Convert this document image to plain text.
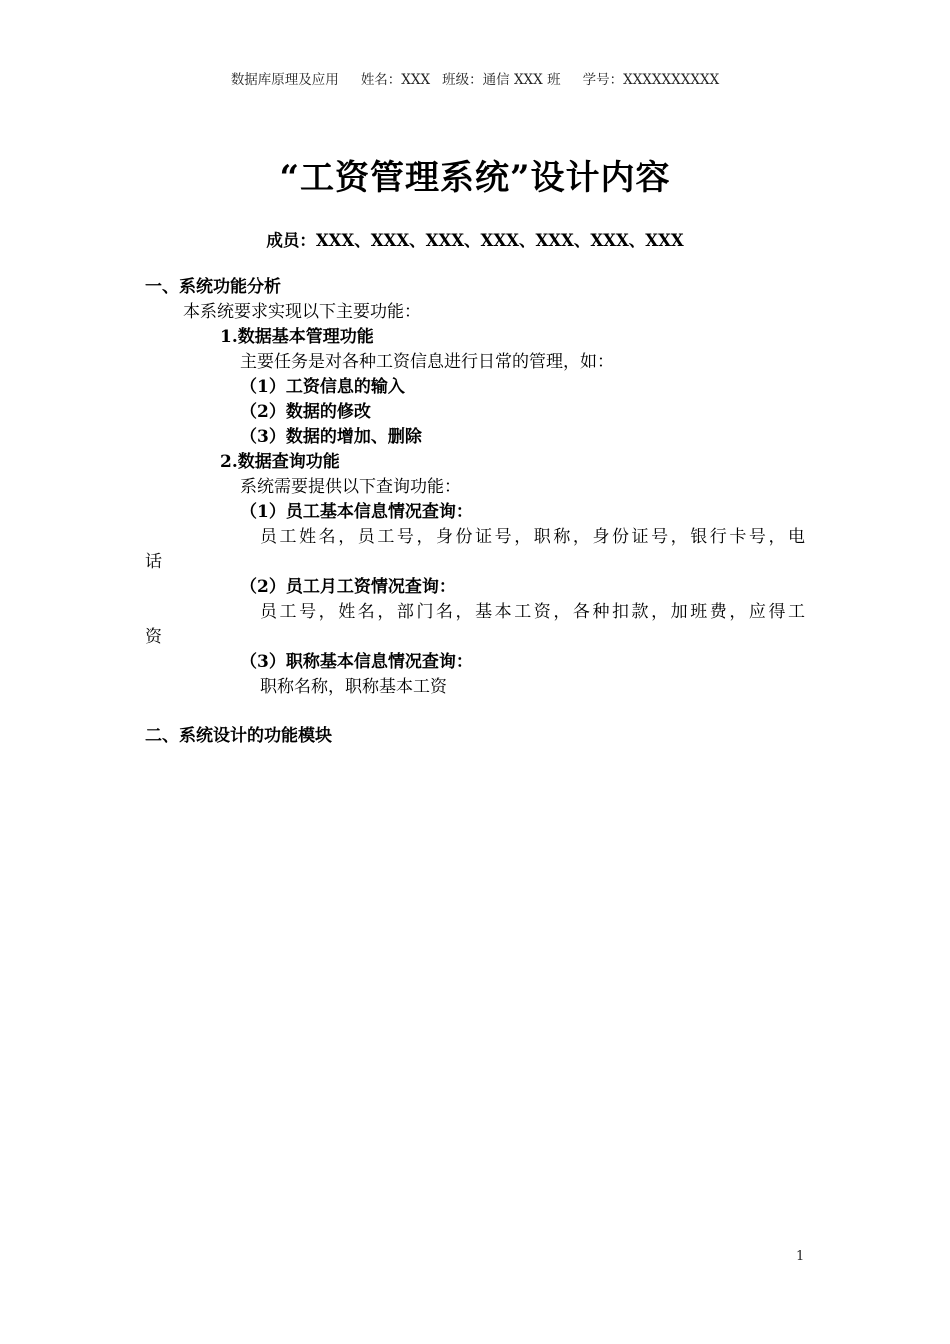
数据库原理及应用 姓名：XXX 班级：通信 XXX 班 学号：XXXXXXXXXX
“工资管理系统”设计内容
成员：XXX、XXX、XXX、XXX、XXX、XXX、XXX
一、系统功能分析
本系统要求实现以下主要功能：
1.数据基本管理功能
主要任务是对各种工资信息进行日常的管理，如：
（1）工资信息的输入
（2）数据的修改
（3）数据的增加、删除
2.数据查询功能
系统需要提供以下查询功能：
（1）员工基本信息情况查询：
员工姓名，员工号，身份证号，职称，身份证号，银行卡号，电
话
（2）员工月工资情况查询：
员工号，姓名，部门名，基本工资，各种扣款，加班费，应得工
资
（3）职称基本信息情况查询：
职称名称，职称基本工资
二、系统设计的功能模块
1
